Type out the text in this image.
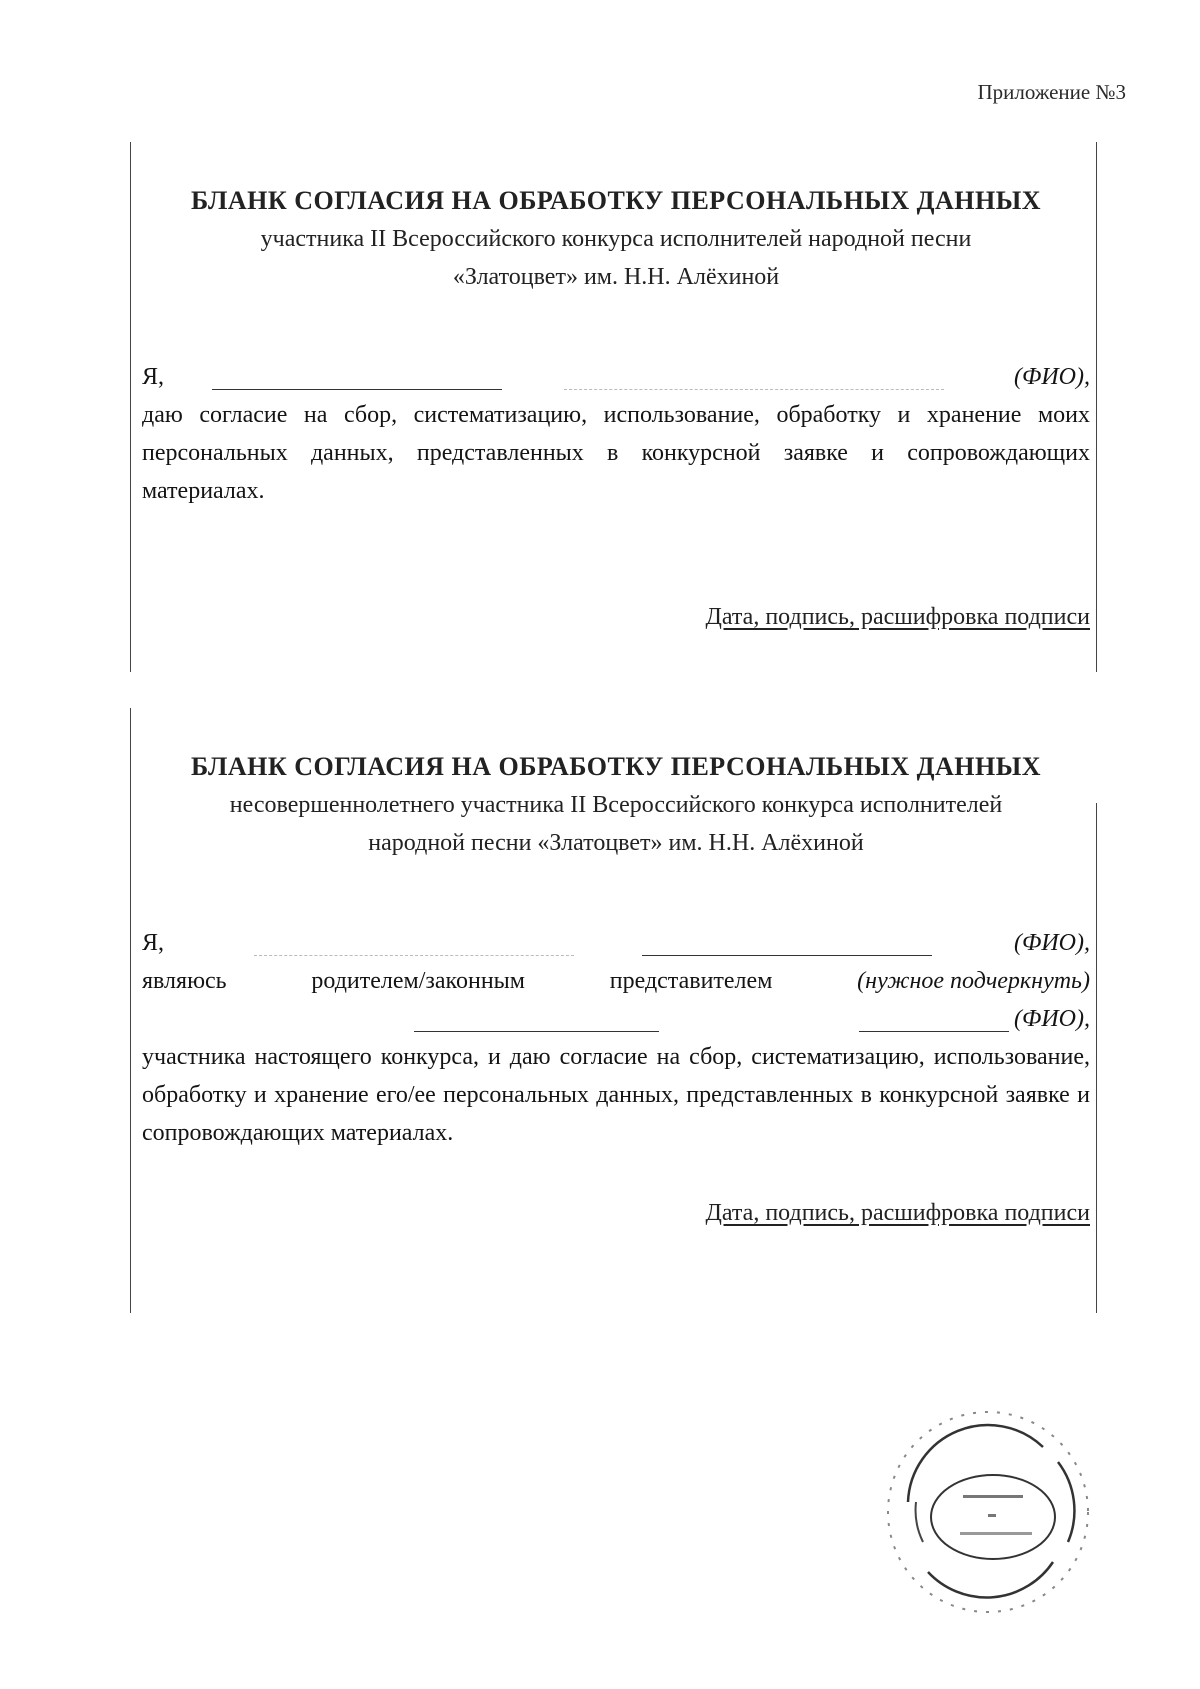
Приложение №3
БЛАНК СОГЛАСИЯ НА ОБРАБОТКУ ПЕРСОНАЛЬНЫХ ДАННЫХ
участника II Всероссийского конкурса исполнителей народной песни
«Златоцвет» им. Н.Н. Алёхиной
Я,	(ФИО),

даю согласие на сбор, систематизацию, использование, обработку и хранение моих персональных данных, представленных в конкурсной заявке и сопровождающих материалах.

Дата, подпись, расшифровка подписи
БЛАНК СОГЛАСИЯ НА ОБРАБОТКУ ПЕРСОНАЛЬНЫХ ДАННЫХ
несовершеннолетнего участника II Всероссийского конкурса исполнителей
народной песни «Златоцвет» им. Н.Н. Алёхиной
Я,	(ФИО),
являюсь	родителем/законным	представителем	(нужное подчеркнуть)
(ФИО),

участника настоящего конкурса, и даю согласие на сбор, систематизацию, использование, обработку и хранение его/ее персональных данных, представленных в конкурсной заявке и сопровождающих материалах.

Дата, подпись, расшифровка подписи
